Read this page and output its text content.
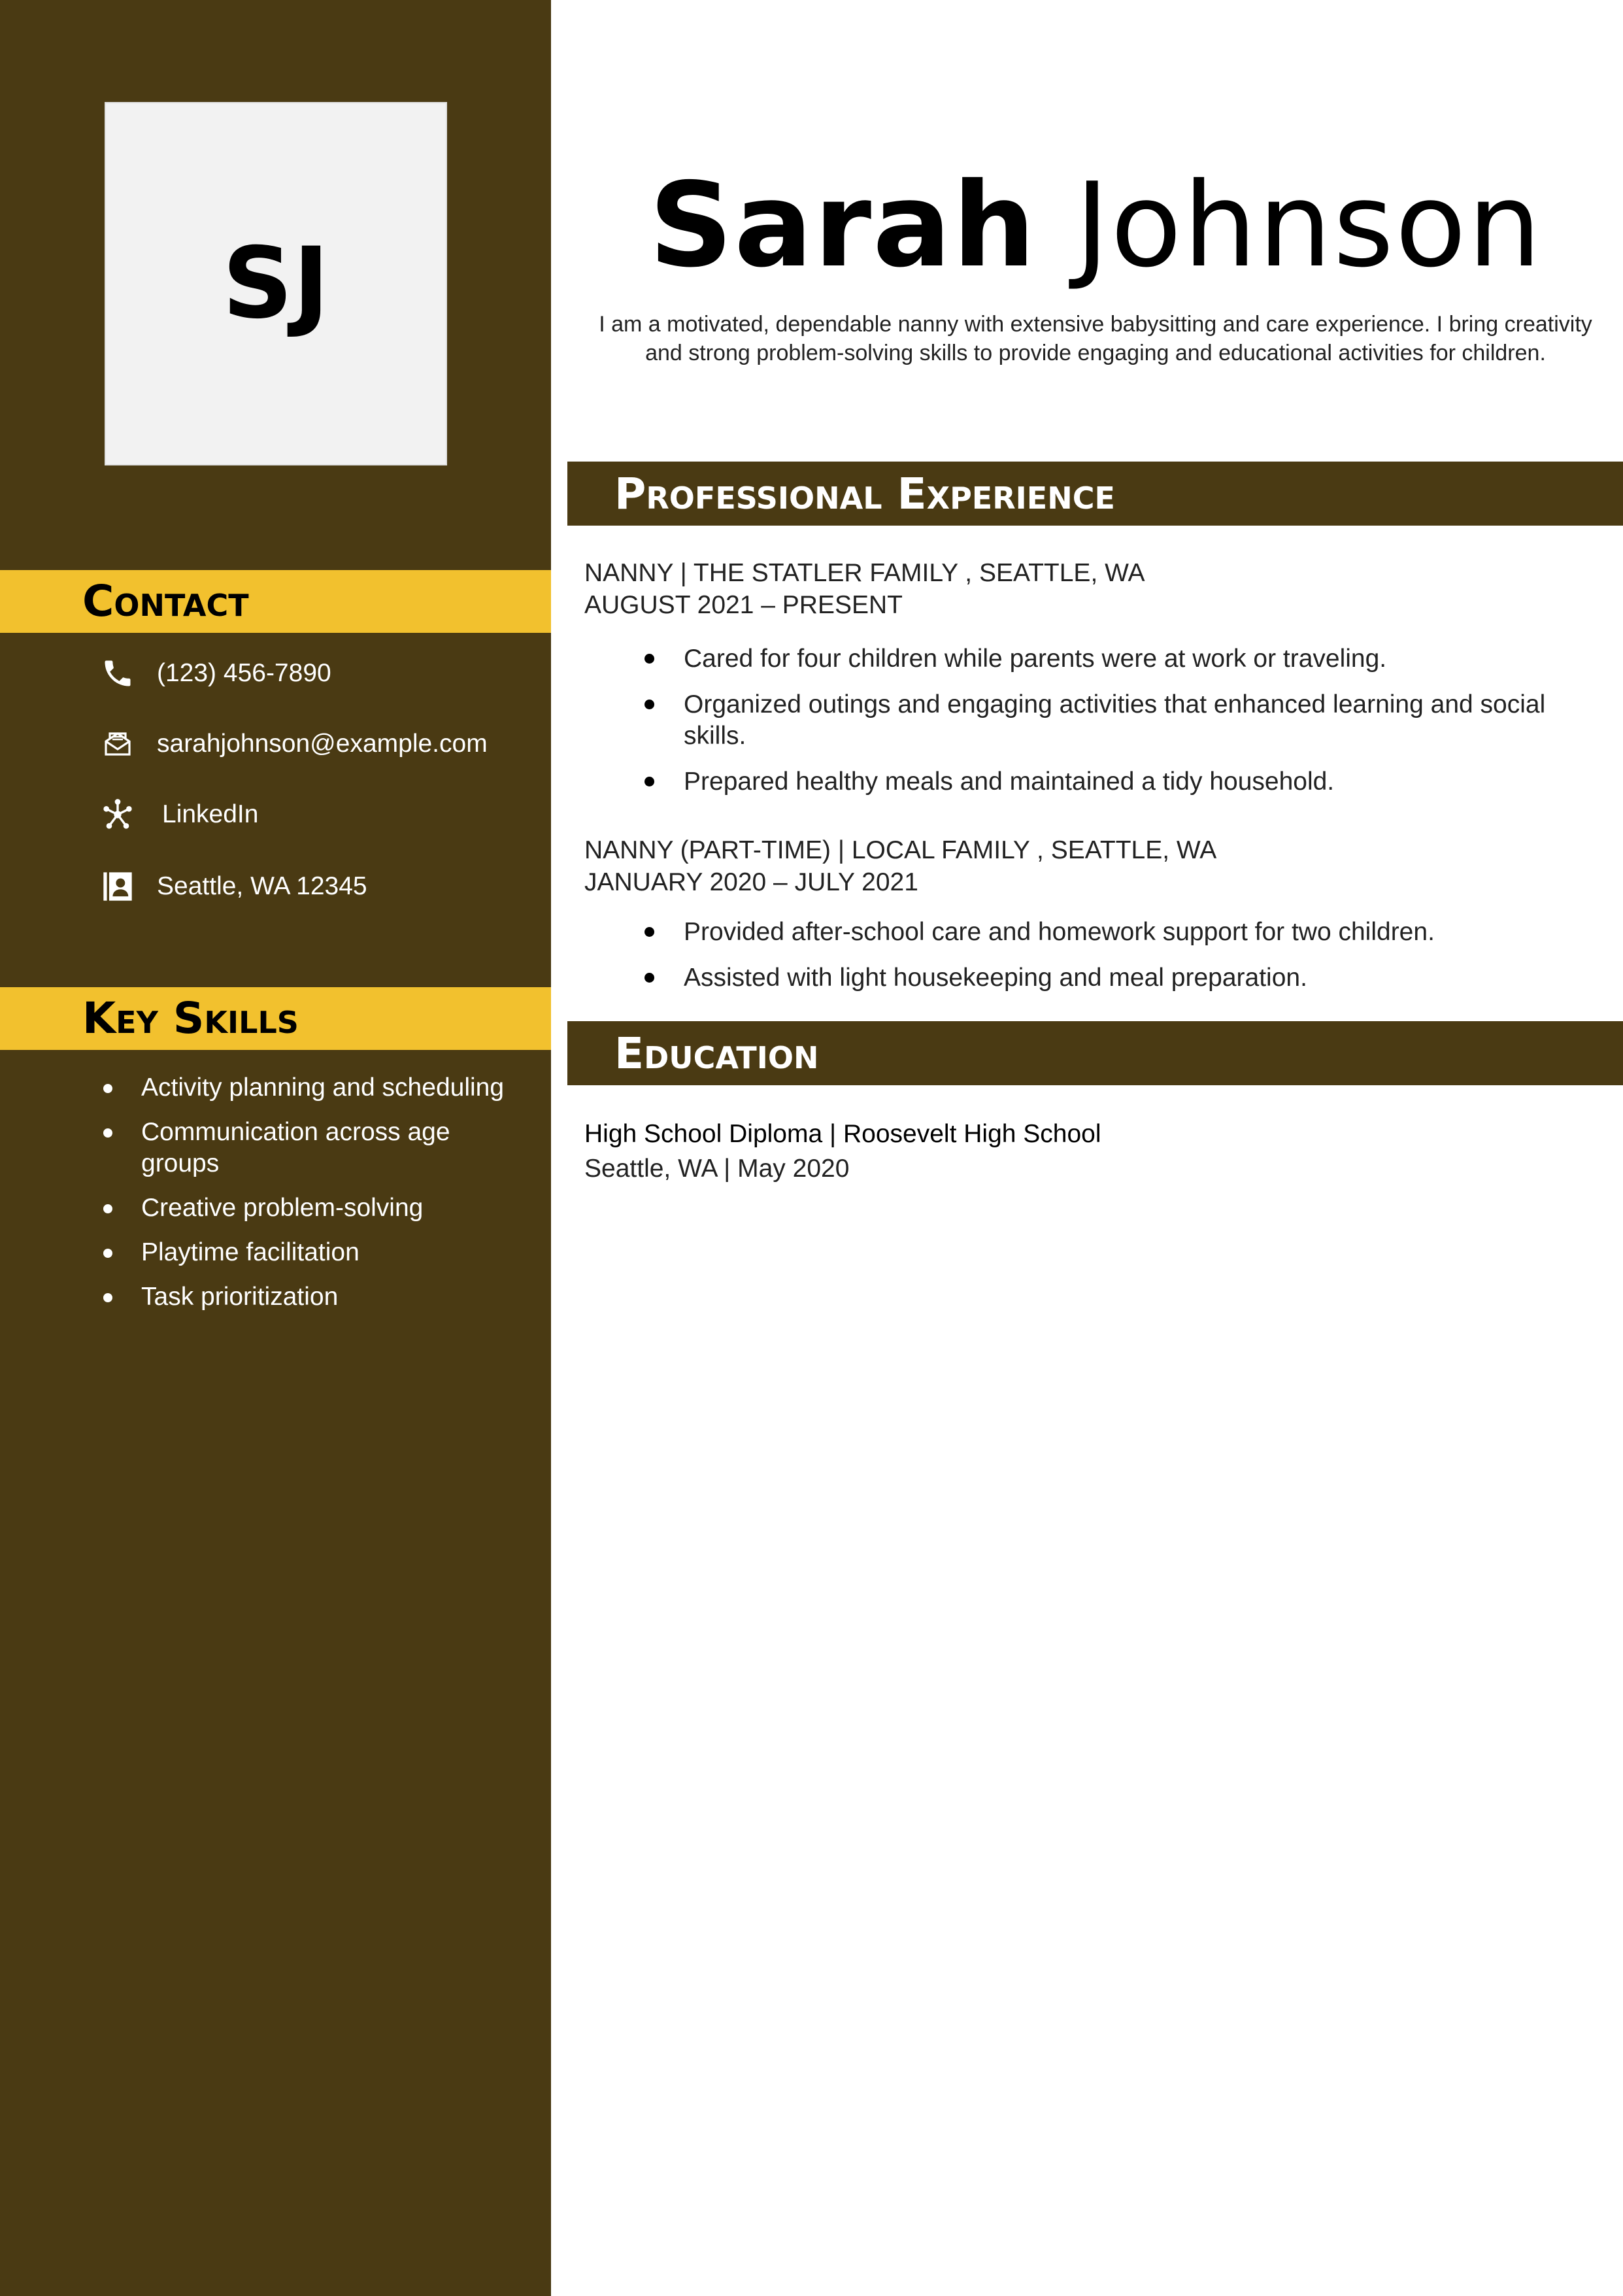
SJ
Contact
(123) 456-7890
sarahjohnson@example.com
LinkedIn
Seattle, WA 12345
Key Skills
Activity planning and scheduling
Communication across age groups
Creative problem-solving
Playtime facilitation
Task prioritization
Sarah Johnson
I am a motivated, dependable nanny with extensive babysitting and care experience. I bring creativity and strong problem-solving skills to provide engaging and educational activities for children.
Professional Experience
NANNY | THE STATLER FAMILY , SEATTLE, WA
AUGUST 2021 – PRESENT
Cared for four children while parents were at work or traveling.
Organized outings and engaging activities that enhanced learning and social skills.
Prepared healthy meals and maintained a tidy household.
NANNY (PART-TIME) | LOCAL FAMILY , SEATTLE, WA
JANUARY 2020 – JULY 2021
Provided after-school care and homework support for two children.
Assisted with light housekeeping and meal preparation.
Education
High School Diploma | Roosevelt High School
Seattle, WA | May 2020
